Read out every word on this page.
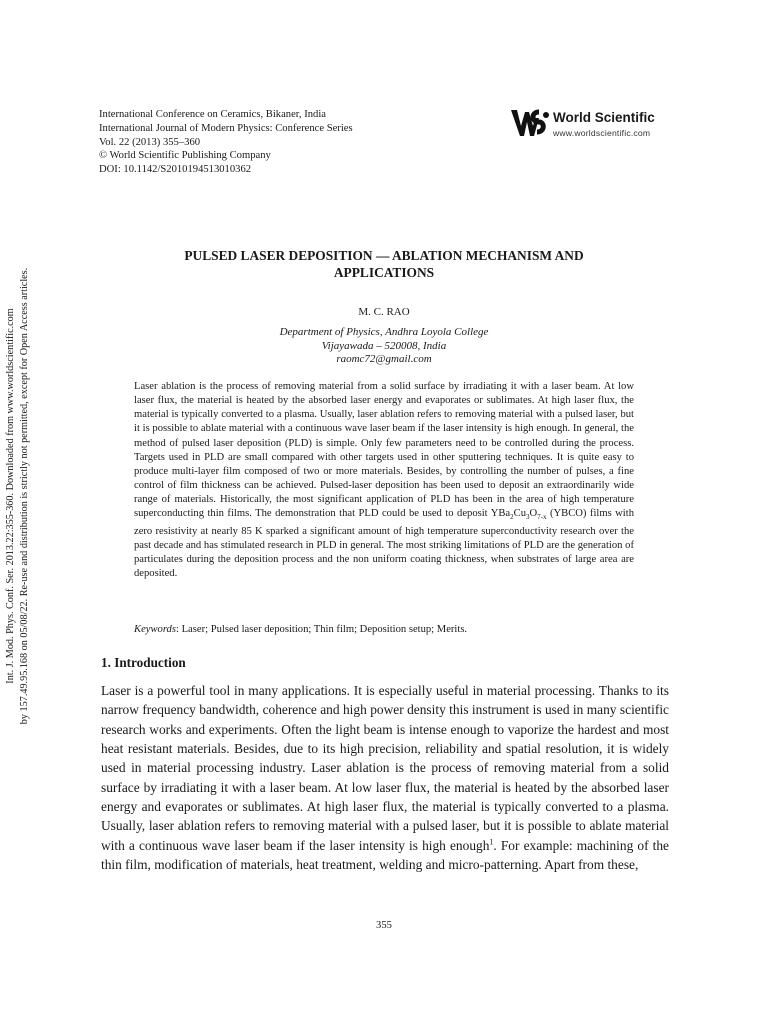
International Conference on Ceramics, Bikaner, India
International Journal of Modern Physics: Conference Series
Vol. 22 (2013) 355–360
© World Scientific Publishing Company
DOI: 10.1142/S2010194513010362
World Scientific
www.worldscientific.com
Int. J. Mod. Phys. Conf. Ser. 2013.22:355-360. Downloaded from www.worldscientific.com by 157.49.95.168 on 05/08/22. Re-use and distribution is strictly not permitted, except for Open Access articles.
PULSED LASER DEPOSITION — ABLATION MECHANISM AND
APPLICATIONS
M. C. RAO
Department of Physics, Andhra Loyola College
Vijayawada – 520008, India
raomc72@gmail.com
Laser ablation is the process of removing material from a solid surface by irradiating it with a laser beam. At low laser flux, the material is heated by the absorbed laser energy and evaporates or sublimates. At high laser flux, the material is typically converted to a plasma. Usually, laser ablation refers to removing material with a pulsed laser, but it is possible to ablate material with a continuous wave laser beam if the laser intensity is high enough. In general, the method of pulsed laser deposition (PLD) is simple. Only few parameters need to be controlled during the process. Targets used in PLD are small compared with other targets used in other sputtering techniques. It is quite easy to produce multi-layer film composed of two or more materials. Besides, by controlling the number of pulses, a fine control of film thickness can be achieved. Pulsed-laser deposition has been used to deposit an extraordinarily wide range of materials. Historically, the most significant application of PLD has been in the area of high temperature superconducting thin films. The demonstration that PLD could be used to deposit $YBa_2Cu_3O_{7-x}$ (YBCO) films with zero resistivity at nearly 85 K sparked a significant amount of high temperature superconductivity research over the past decade and has stimulated research in PLD in general. The most striking limitations of PLD are the generation of particulates during the deposition process and the non uniform coating thickness, when substrates of large area are deposited.
Keywords: Laser; Pulsed laser deposition; Thin film; Deposition setup; Merits.
1. Introduction
Laser is a powerful tool in many applications. It is especially useful in material processing. Thanks to its narrow frequency bandwidth, coherence and high power density this instrument is used in many scientific research works and experiments. Often the light beam is intense enough to vaporize the hardest and most heat resistant materials. Besides, due to its high precision, reliability and spatial resolution, it is widely used in material processing industry. Laser ablation is the process of removing material from a solid surface by irradiating it with a laser beam. At low laser flux, the material is heated by the absorbed laser energy and evaporates or sublimates. At high laser flux, the material is typically converted to a plasma. Usually, laser ablation refers to removing material with a pulsed laser, but it is possible to ablate material with a continuous wave laser beam if the laser intensity is high enough$^1$. For example: machining of the thin film, modification of materials, heat treatment, welding and micro-patterning. Apart from these,
355
